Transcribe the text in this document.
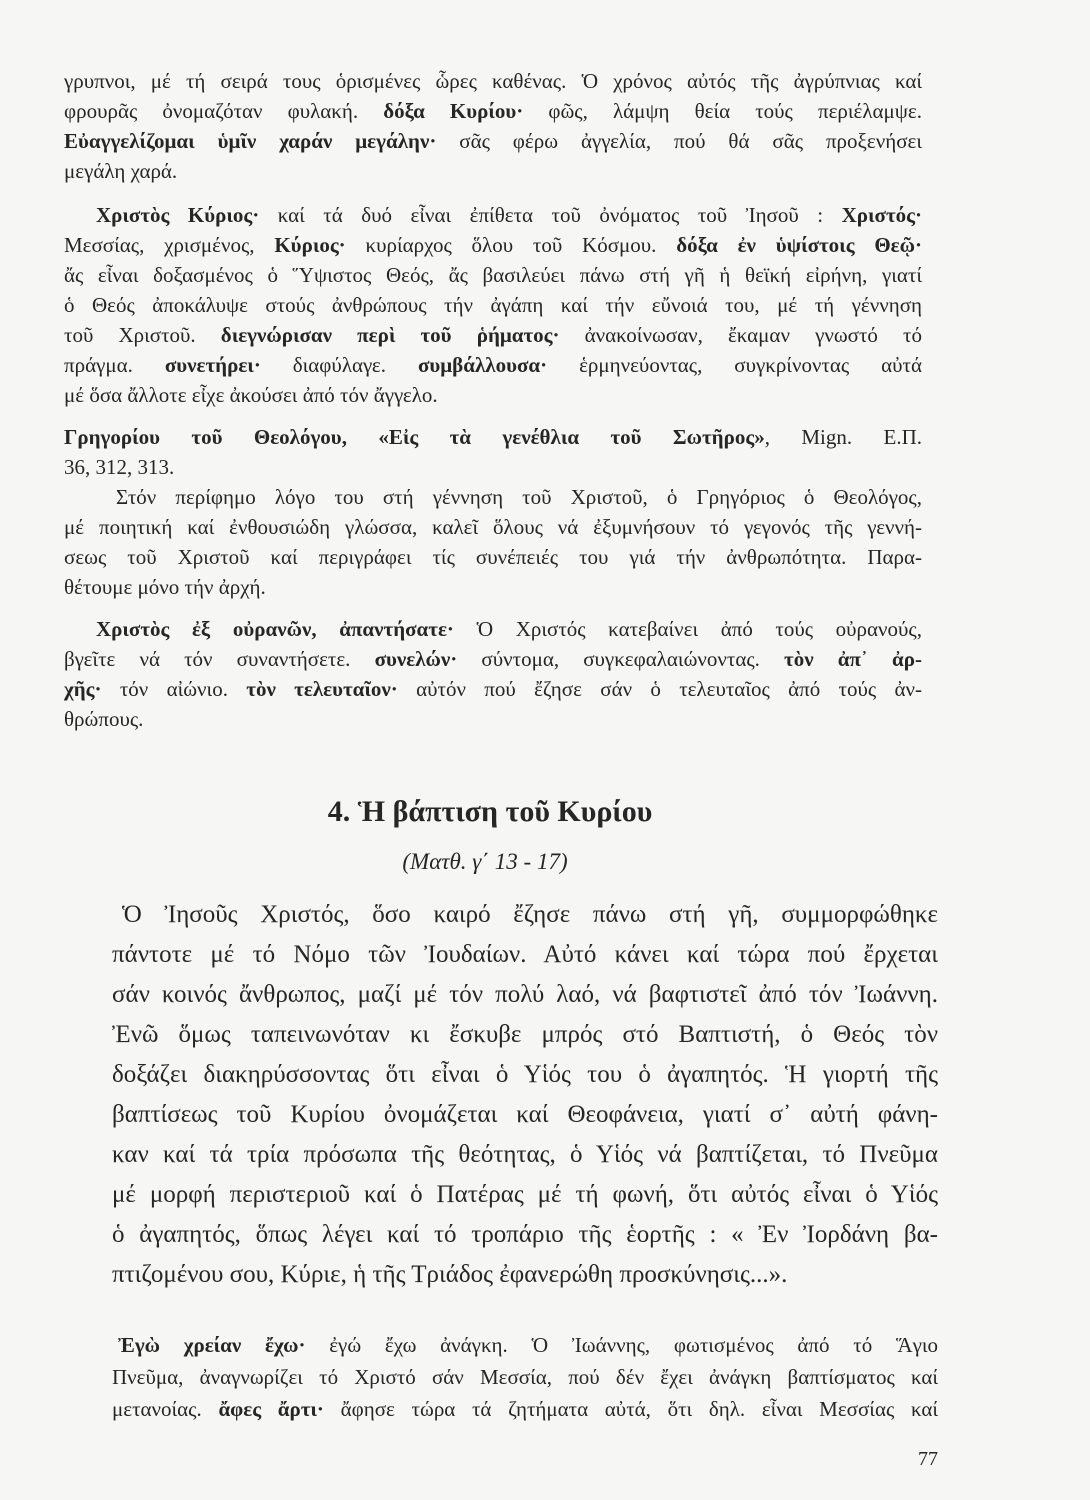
γρυπνοι, μέ τή σειρά τους ὁρισμένες ὧρες καθένας. Ὁ χρόνος αὐτός τῆς ἀγρύπνιας καί
φρουρᾶς ὀνομαζόταν φυλακή. δόξα Κυρίου· φῶς, λάμψη θεία τούς περιέλαμψε.
Εὐαγγελίζομαι ὑμῖν χαράν μεγάλην· σᾶς φέρω ἀγγελία, πού θά σᾶς προξενήσει
μεγάλη χαρά.
Χριστὸς Κύριος· καί τά δυό εἶναι ἐπίθετα τοῦ ὀνόματος τοῦ Ἰησοῦ : Χριστός·
Μεσσίας, χρισμένος, Κύριος· κυρίαρχος ὅλου τοῦ Κόσμου. δόξα ἐν ὑψίστοις Θεῷ·
ἄς εἶναι δοξασμένος ὁ Ὕψιστος Θεός, ἄς βασιλεύει πάνω στή γῆ ἡ θεϊκή εἰρήνη, γιατί
ὁ Θεός ἀποκάλυψε στούς ἀνθρώπους τήν ἀγάπη καί τήν εὔνοιά του, μέ τή γέννηση
τοῦ Χριστοῦ. διεγνώρισαν περὶ τοῦ ῥήματος· ἀνακοίνωσαν, ἔκαμαν γνωστό τό
πράγμα. συνετήρει· διαφύλαγε. συμβάλλουσα· ἑρμηνεύοντας, συγκρίνοντας αὐτά
μέ ὅσα ἄλλοτε εἶχε ἀκούσει ἀπό τόν ἄγγελο.
Γρηγορίου τοῦ Θεολόγου, «Εἰς τὰ γενέθλια τοῦ Σωτῆρος», Mign. Ε.Π.
36, 312, 313.
Στόν περίφημο λόγο του στή γέννηση τοῦ Χριστοῦ, ὁ Γρηγόριος ὁ Θεολόγος,
μέ ποιητική καί ἐνθουσιώδη γλώσσα, καλεῖ ὅλους νά ἐξυμνήσουν τό γεγονός τῆς γεννή-
σεως τοῦ Χριστοῦ καί περιγράφει τίς συνέπειές του γιά τήν ἀνθρωπότητα. Παρα-
θέτουμε μόνο τήν ἀρχή.
Χριστὸς ἐξ οὐρανῶν, ἀπαντήσατε· Ὁ Χριστός κατεβαίνει ἀπό τούς οὐρανούς,
βγεῖτε νά τόν συναντήσετε. συνελών· σύντομα, συγκεφαλαιώνοντας. τὸν ἀπ᾽ ἀρ-
χῆς· τόν αἰώνιο. τὸν τελευταῖον· αὐτόν πού ἔζησε σάν ὁ τελευταῖος ἀπό τούς ἀν-
θρώπους.
4. Ἡ βάπτιση τοῦ Κυρίου
(Ματθ. γ΄ 13 - 17)
Ὁ Ἰησοῦς Χριστός, ὅσο καιρό ἔζησε πάνω στή γῆ, συμμορφώθηκε
πάντοτε μέ τό Νόμο τῶν Ἰουδαίων. Αὐτό κάνει καί τώρα πού ἔρχεται
σάν κοινός ἄνθρωπος, μαζί μέ τόν πολύ λαό, νά βαφτιστεῖ ἀπό τόν Ἰωάννη.
Ἐνῶ ὅμως ταπεινωνόταν κι ἔσκυβε μπρός στό Βαπτιστή, ὁ Θεός τὸν
δοξάζει διακηρύσσοντας ὅτι εἶναι ὁ Υἱός του ὁ ἀγαπητός. Ἡ γιορτή τῆς
βαπτίσεως τοῦ Κυρίου ὀνομάζεται καί Θεοφάνεια, γιατί σ᾽ αὐτή φάνη-
καν καί τά τρία πρόσωπα τῆς θεότητας, ὁ Υἱός νά βαπτίζεται, τό Πνεῦμα
μέ μορφή περιστεριοῦ καί ὁ Πατέρας μέ τή φωνή, ὅτι αὐτός εἶναι ὁ Υἱός
ὁ ἀγαπητός, ὅπως λέγει καί τό τροπάριο τῆς ἑορτῆς : « Ἐν Ἰορδάνη βα-
πτιζομένου σου, Κύριε, ἡ τῆς Τριάδος ἐφανερώθη προσκύνησις...».
Ἐγὼ χρείαν ἔχω· ἐγώ ἔχω ἀνάγκη. Ὁ Ἰωάννης, φωτισμένος ἀπό τό Ἅγιο
Πνεῦμα, ἀναγνωρίζει τό Χριστό σάν Μεσσία, πού δέν ἔχει ἀνάγκη βαπτίσματος καί
μετανοίας. ἄφες ἄρτι· ἄφησε τώρα τά ζητήματα αὐτά, ὅτι δηλ. εἶναι Μεσσίας καί
77
